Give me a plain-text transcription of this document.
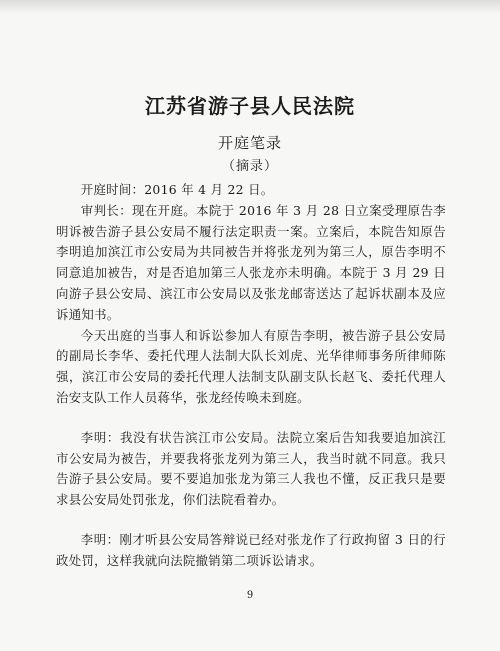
江苏省游子县人民法院
开庭笔录
（摘录）

开庭时间：2016 年 4 月 22 日。

审判长：现在开庭。本院于 2016 年 3 月 28 日立案受理原告李明诉被告游子县公安局不履行法定职责一案。立案后，本院告知原告李明追加滨江市公安局为共同被告并将张龙列为第三人，原告李明不同意追加被告，对是否追加第三人张龙亦未明确。本院于 3 月 29 日向游子县公安局、滨江市公安局以及张龙邮寄送达了起诉状副本及应诉通知书。

今天出庭的当事人和诉讼参加人有原告李明，被告游子县公安局的副局长李华、委托代理人法制大队长刘虎、光华律师事务所律师陈强，滨江市公安局的委托代理人法制支队副支队长赵飞、委托代理人治安支队工作人员蒋华，张龙经传唤未到庭。

李明：我没有状告滨江市公安局。法院立案后告知我要追加滨江市公安局为被告，并要我将张龙列为第三人，我当时就不同意。我只告游子县公安局。要不要追加张龙为第三人我也不懂，反正我只是要求县公安局处罚张龙，你们法院看着办。

李明：刚才听县公安局答辩说已经对张龙作了行政拘留 3 日的行政处罚，这样我就向法院撤销第二项诉讼请求。

9
